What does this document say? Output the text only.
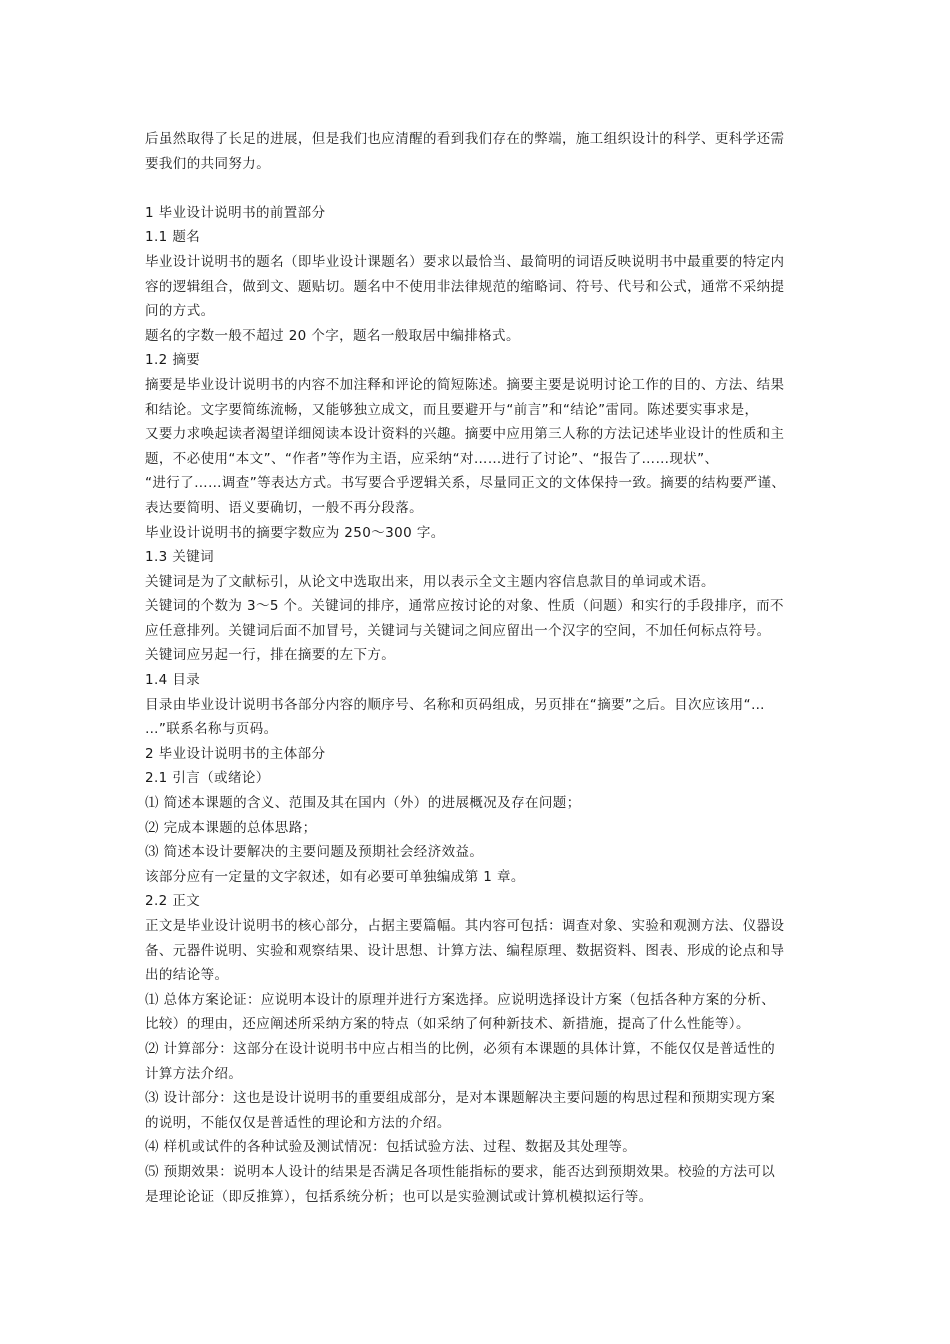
后虽然取得了长足的进展，但是我们也应清醒的看到我们存在的弊端，施工组织设计的科学、更科学还需
要我们的共同努力。
1 毕业设计说明书的前置部分
1.1 题名
毕业设计说明书的题名（即毕业设计课题名）要求以最恰当、最简明的词语反映说明书中最重要的特定内
容的逻辑组合，做到文、题贴切。题名中不使用非法律规范的缩略词、符号、代号和公式，通常不采纳提
问的方式。
题名的字数一般不超过 20 个字，题名一般取居中编排格式。
1.2 摘要
摘要是毕业设计说明书的内容不加注释和评论的简短陈述。摘要主要是说明讨论工作的目的、方法、结果
和结论。文字要简练流畅，又能够独立成文，而且要避开与“前言”和“结论”雷同。陈述要实事求是，
又要力求唤起读者渴望详细阅读本设计资料的兴趣。摘要中应用第三人称的方法记述毕业设计的性质和主
题，不必使用“本文”、“作者”等作为主语，应采纳“对……进行了讨论”、“报告了……现状”、
“进行了……调查”等表达方式。书写要合乎逻辑关系，尽量同正文的文体保持一致。摘要的结构要严谨、
表达要简明、语义要确切，一般不再分段落。
毕业设计说明书的摘要字数应为 250～300 字。
1.3 关键词
关键词是为了文献标引，从论文中选取出来，用以表示全文主题内容信息款目的单词或术语。
关键词的个数为 3～5 个。关键词的排序，通常应按讨论的对象、性质（问题）和实行的手段排序，而不
应任意排列。关键词后面不加冒号，关键词与关键词之间应留出一个汉字的空间，不加任何标点符号。
关键词应另起一行，排在摘要的左下方。
1.4 目录
目录由毕业设计说明书各部分内容的顺序号、名称和页码组成，另页排在“摘要”之后。目次应该用“…
…”联系名称与页码。
2 毕业设计说明书的主体部分
2.1 引言（或绪论）
⑴ 简述本课题的含义、范围及其在国内（外）的进展概况及存在问题；
⑵ 完成本课题的总体思路；
⑶ 简述本设计要解决的主要问题及预期社会经济效益。
该部分应有一定量的文字叙述，如有必要可单独编成第 1 章。
2.2 正文
正文是毕业设计说明书的核心部分，占据主要篇幅。其内容可包括：调查对象、实验和观测方法、仪器设
备、元器件说明、实验和观察结果、设计思想、计算方法、编程原理、数据资料、图表、形成的论点和导
出的结论等。
⑴ 总体方案论证：应说明本设计的原理并进行方案选择。应说明选择设计方案（包括各种方案的分析、
比较）的理由，还应阐述所采纳方案的特点（如采纳了何种新技术、新措施，提高了什么性能等）。
⑵ 计算部分：这部分在设计说明书中应占相当的比例，必须有本课题的具体计算，不能仅仅是普适性的
计算方法介绍。
⑶ 设计部分：这也是设计说明书的重要组成部分，是对本课题解决主要问题的构思过程和预期实现方案
的说明，不能仅仅是普适性的理论和方法的介绍。
⑷ 样机或试件的各种试验及测试情况：包括试验方法、过程、数据及其处理等。
⑸ 预期效果：说明本人设计的结果是否满足各项性能指标的要求，能否达到预期效果。校验的方法可以
是理论论证（即反推算），包括系统分析；也可以是实验测试或计算机模拟运行等。
